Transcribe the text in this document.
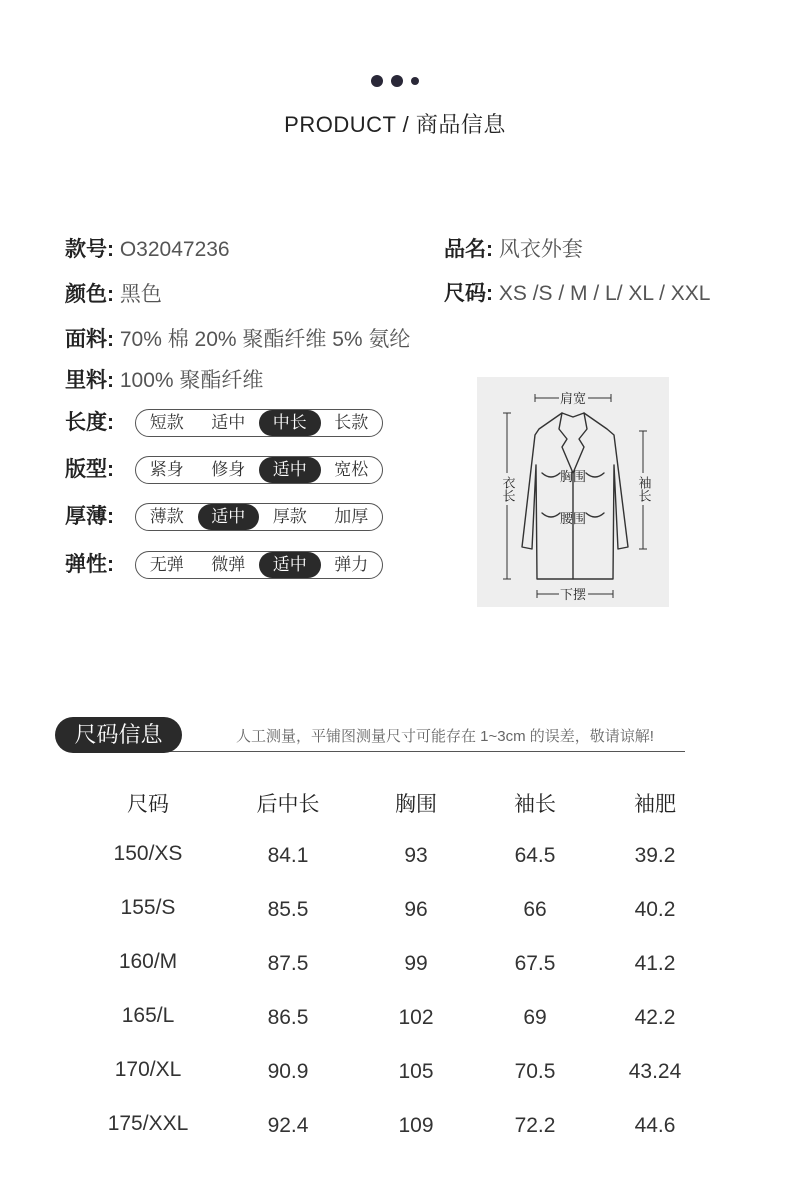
PRODUCT / 商品信息
款号: O32047236	品名: 风衣外套
颜色: 黑色	尺码: XS /S / M / L/ XL / XXL
面料: 70% 棉 20% 聚酯纤维 5% 氨纶
里料: 100% 聚酯纤维
长度:	短款	适中	中长	长款
版型:	紧身	修身	适中	宽松
厚薄:	薄款	适中	厚款	加厚
弹性:	无弹	微弹	适中	弹力
肩宽
胸围
腰围
下摆
衣长	袖长
尺码信息	人工测量，平铺图测量尺寸可能存在 1~3cm 的误差，敬请谅解!
尺码	后中长	胸围	袖长	袖肥
150/XS	84.1	93	64.5	39.2
155/S	85.5	96	66	40.2
160/M	87.5	99	67.5	41.2
165/L	86.5	102	69	42.2
170/XL	90.9	105	70.5	43.24
175/XXL	92.4	109	72.2	44.6
